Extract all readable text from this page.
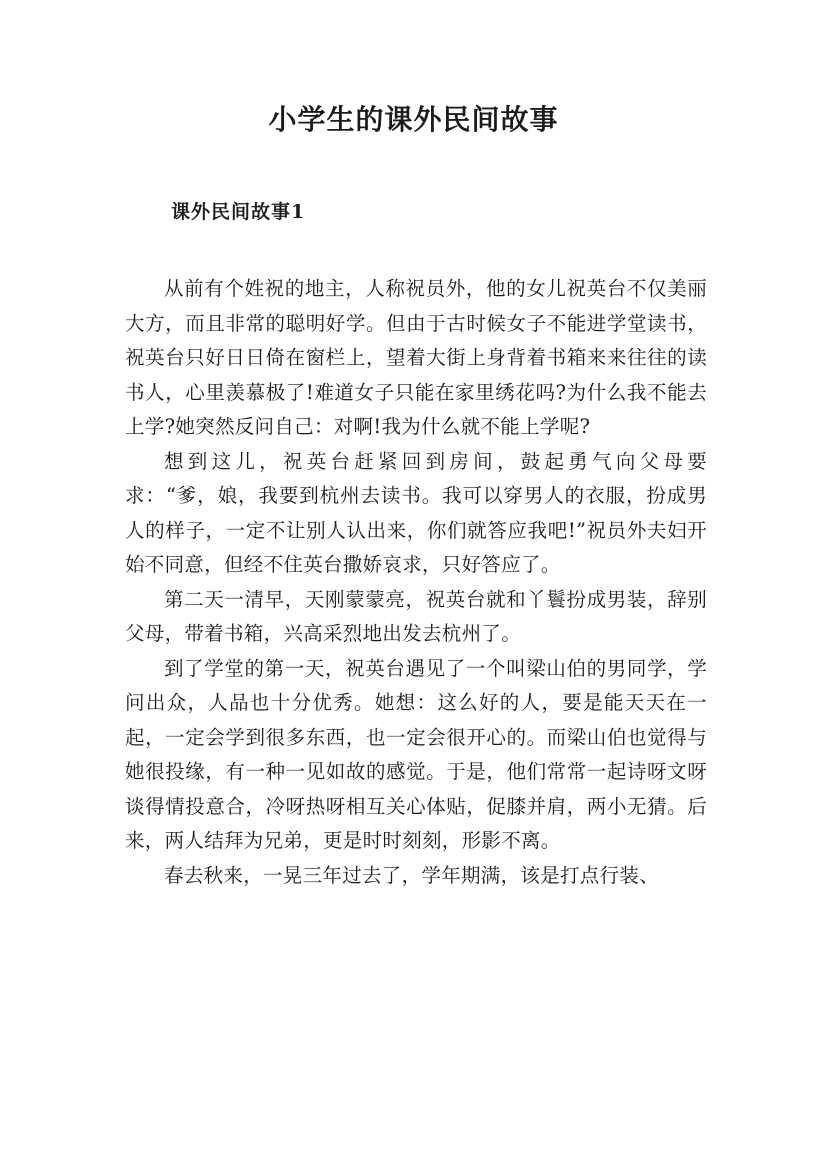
小学生的课外民间故事
课外民间故事1

从前有个姓祝的地主，人称祝员外，他的女儿祝英台不仅美丽大方，而且非常的聪明好学。但由于古时候女子不能进学堂读书，祝英台只好日日倚在窗栏上，望着大街上身背着书箱来来往往的读书人，心里羡慕极了!难道女子只能在家里绣花吗?为什么我不能去上学?她突然反问自己：对啊!我为什么就不能上学呢?

想到这儿，祝英台赶紧回到房间，鼓起勇气向父母要求：“爹，娘，我要到杭州去读书。我可以穿男人的衣服，扮成男人的样子，一定不让别人认出来，你们就答应我吧!”祝员外夫妇开始不同意，但经不住英台撒娇哀求，只好答应了。

第二天一清早，天刚蒙蒙亮，祝英台就和丫鬟扮成男装，辞别父母，带着书箱，兴高采烈地出发去杭州了。

到了学堂的第一天，祝英台遇见了一个叫梁山伯的男同学，学问出众，人品也十分优秀。她想：这么好的人，要是能天天在一起，一定会学到很多东西，也一定会很开心的。而梁山伯也觉得与她很投缘，有一种一见如故的感觉。于是，他们常常一起诗呀文呀谈得情投意合，冷呀热呀相互关心体贴，促膝并肩，两小无猜。后来，两人结拜为兄弟，更是时时刻刻，形影不离。

春去秋来，一晃三年过去了，学年期满，该是打点行装、
